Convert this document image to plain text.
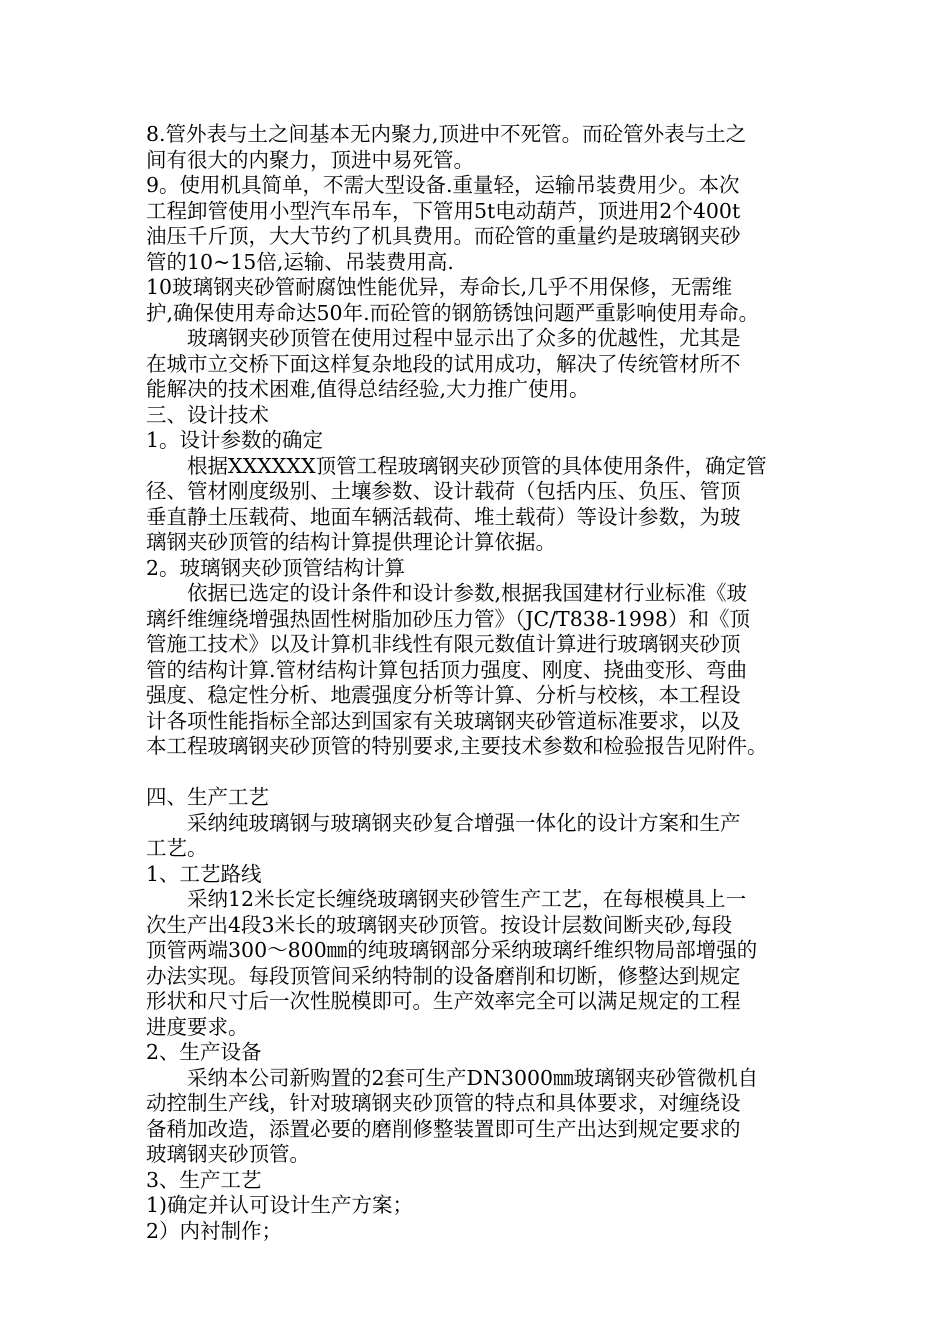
8.管外表与土之间基本无内聚力,顶进中不死管。而砼管外表与土之
间有很大的内聚力，顶进中易死管。
9。使用机具简单，不需大型设备.重量轻，运输吊装费用少。本次
工程卸管使用小型汽车吊车，下管用5t电动葫芦，顶进用2个400t
油压千斤顶，大大节约了机具费用。而砼管的重量约是玻璃钢夹砂
管的10~15倍,运输、吊装费用高.
10玻璃钢夹砂管耐腐蚀性能优异，寿命长,几乎不用保修，无需维
护,确保使用寿命达50年.而砼管的钢筋锈蚀问题严重影响使用寿命。
玻璃钢夹砂顶管在使用过程中显示出了众多的优越性，尤其是
在城市立交桥下面这样复杂地段的试用成功，解决了传统管材所不
能解决的技术困难,值得总结经验,大力推广使用。
三、设计技术
1。设计参数的确定
根据XXXXXX顶管工程玻璃钢夹砂顶管的具体使用条件，确定管
径、管材刚度级别、土壤参数、设计载荷（包括内压、负压、管顶
垂直静土压载荷、地面车辆活载荷、堆土载荷）等设计参数，为玻
璃钢夹砂顶管的结构计算提供理论计算依据。
2。玻璃钢夹砂顶管结构计算
依据已选定的设计条件和设计参数,根据我国建材行业标准《玻
璃纤维缠绕增强热固性树脂加砂压力管》（JC/T838-1998）和《顶
管施工技术》以及计算机非线性有限元数值计算进行玻璃钢夹砂顶
管的结构计算.管材结构计算包括顶力强度、刚度、挠曲变形、弯曲
强度、稳定性分析、地震强度分析等计算、分析与校核，本工程设
计各项性能指标全部达到国家有关玻璃钢夹砂管道标准要求，以及
本工程玻璃钢夹砂顶管的特别要求,主要技术参数和检验报告见附件。
四、生产工艺
采纳纯玻璃钢与玻璃钢夹砂复合增强一体化的设计方案和生产
工艺。
1、工艺路线
采纳12米长定长缠绕玻璃钢夹砂管生产工艺，在每根模具上一
次生产出4段3米长的玻璃钢夹砂顶管。按设计层数间断夹砂,每段
顶管两端300～800㎜的纯玻璃钢部分采纳玻璃纤维织物局部增强的
办法实现。每段顶管间采纳特制的设备磨削和切断，修整达到规定
形状和尺寸后一次性脱模即可。生产效率完全可以满足规定的工程
进度要求。
2、生产设备
采纳本公司新购置的2套可生产DN3000㎜玻璃钢夹砂管微机自
动控制生产线，针对玻璃钢夹砂顶管的特点和具体要求，对缠绕设
备稍加改造，添置必要的磨削修整装置即可生产出达到规定要求的
玻璃钢夹砂顶管。
3、生产工艺
1)确定并认可设计生产方案；
2）内衬制作；
